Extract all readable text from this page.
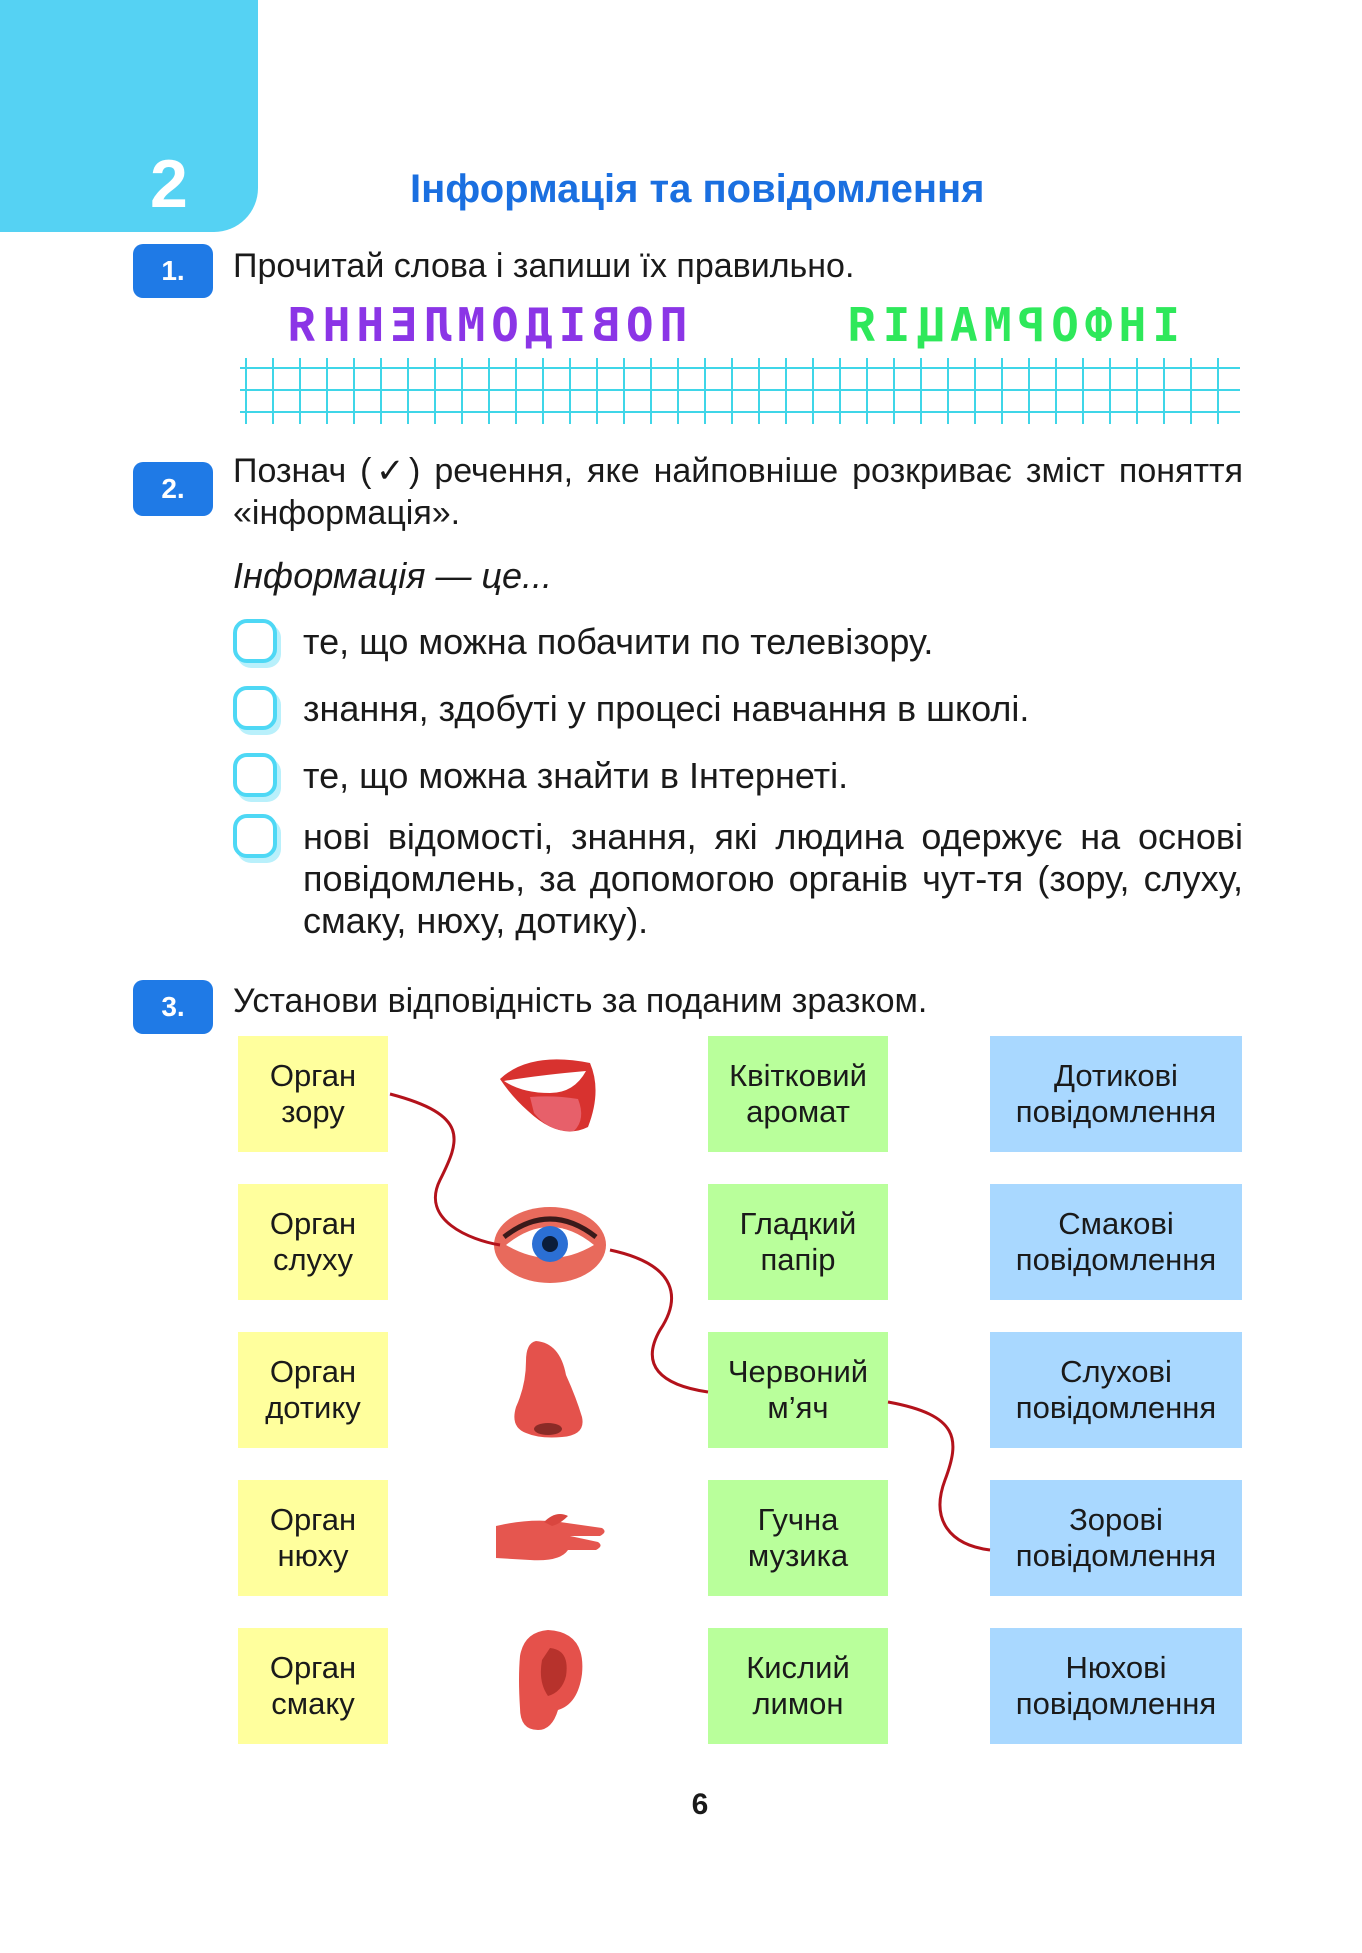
2	Інформація та повідомлення
1.	Прочитай слова і запиши їх правильно.
ПОВІДОМЛЕННЯ	ІНФОРМАЦІЯ
2.	Познач (✓) речення, яке найповніше розкриває зміст поняття «інформація».
Інформація — це...
те, що можна побачити по телевізору.
знання, здобуті у процесі навчання в школі.
те, що можна знайти в Інтернеті.
нові відомості, знання, які людина одержує на основі повідомлень, за допомогою органів чут-тя (зору, слуху, смаку, нюху, дотику).
3.	Установи відповідність за поданим зразком.
Орган
зору
Орган
слуху
Орган
дотику
Орган
нюху
Орган
смаку
Квітковий
аромат
Гладкий
папір
Червоний
м’яч
Гучна
музика
Кислий
лимон
Дотикові
повідомлення
Смакові
повідомлення
Слухові
повідомлення
Зорові
повідомлення
Нюхові
повідомлення
6
